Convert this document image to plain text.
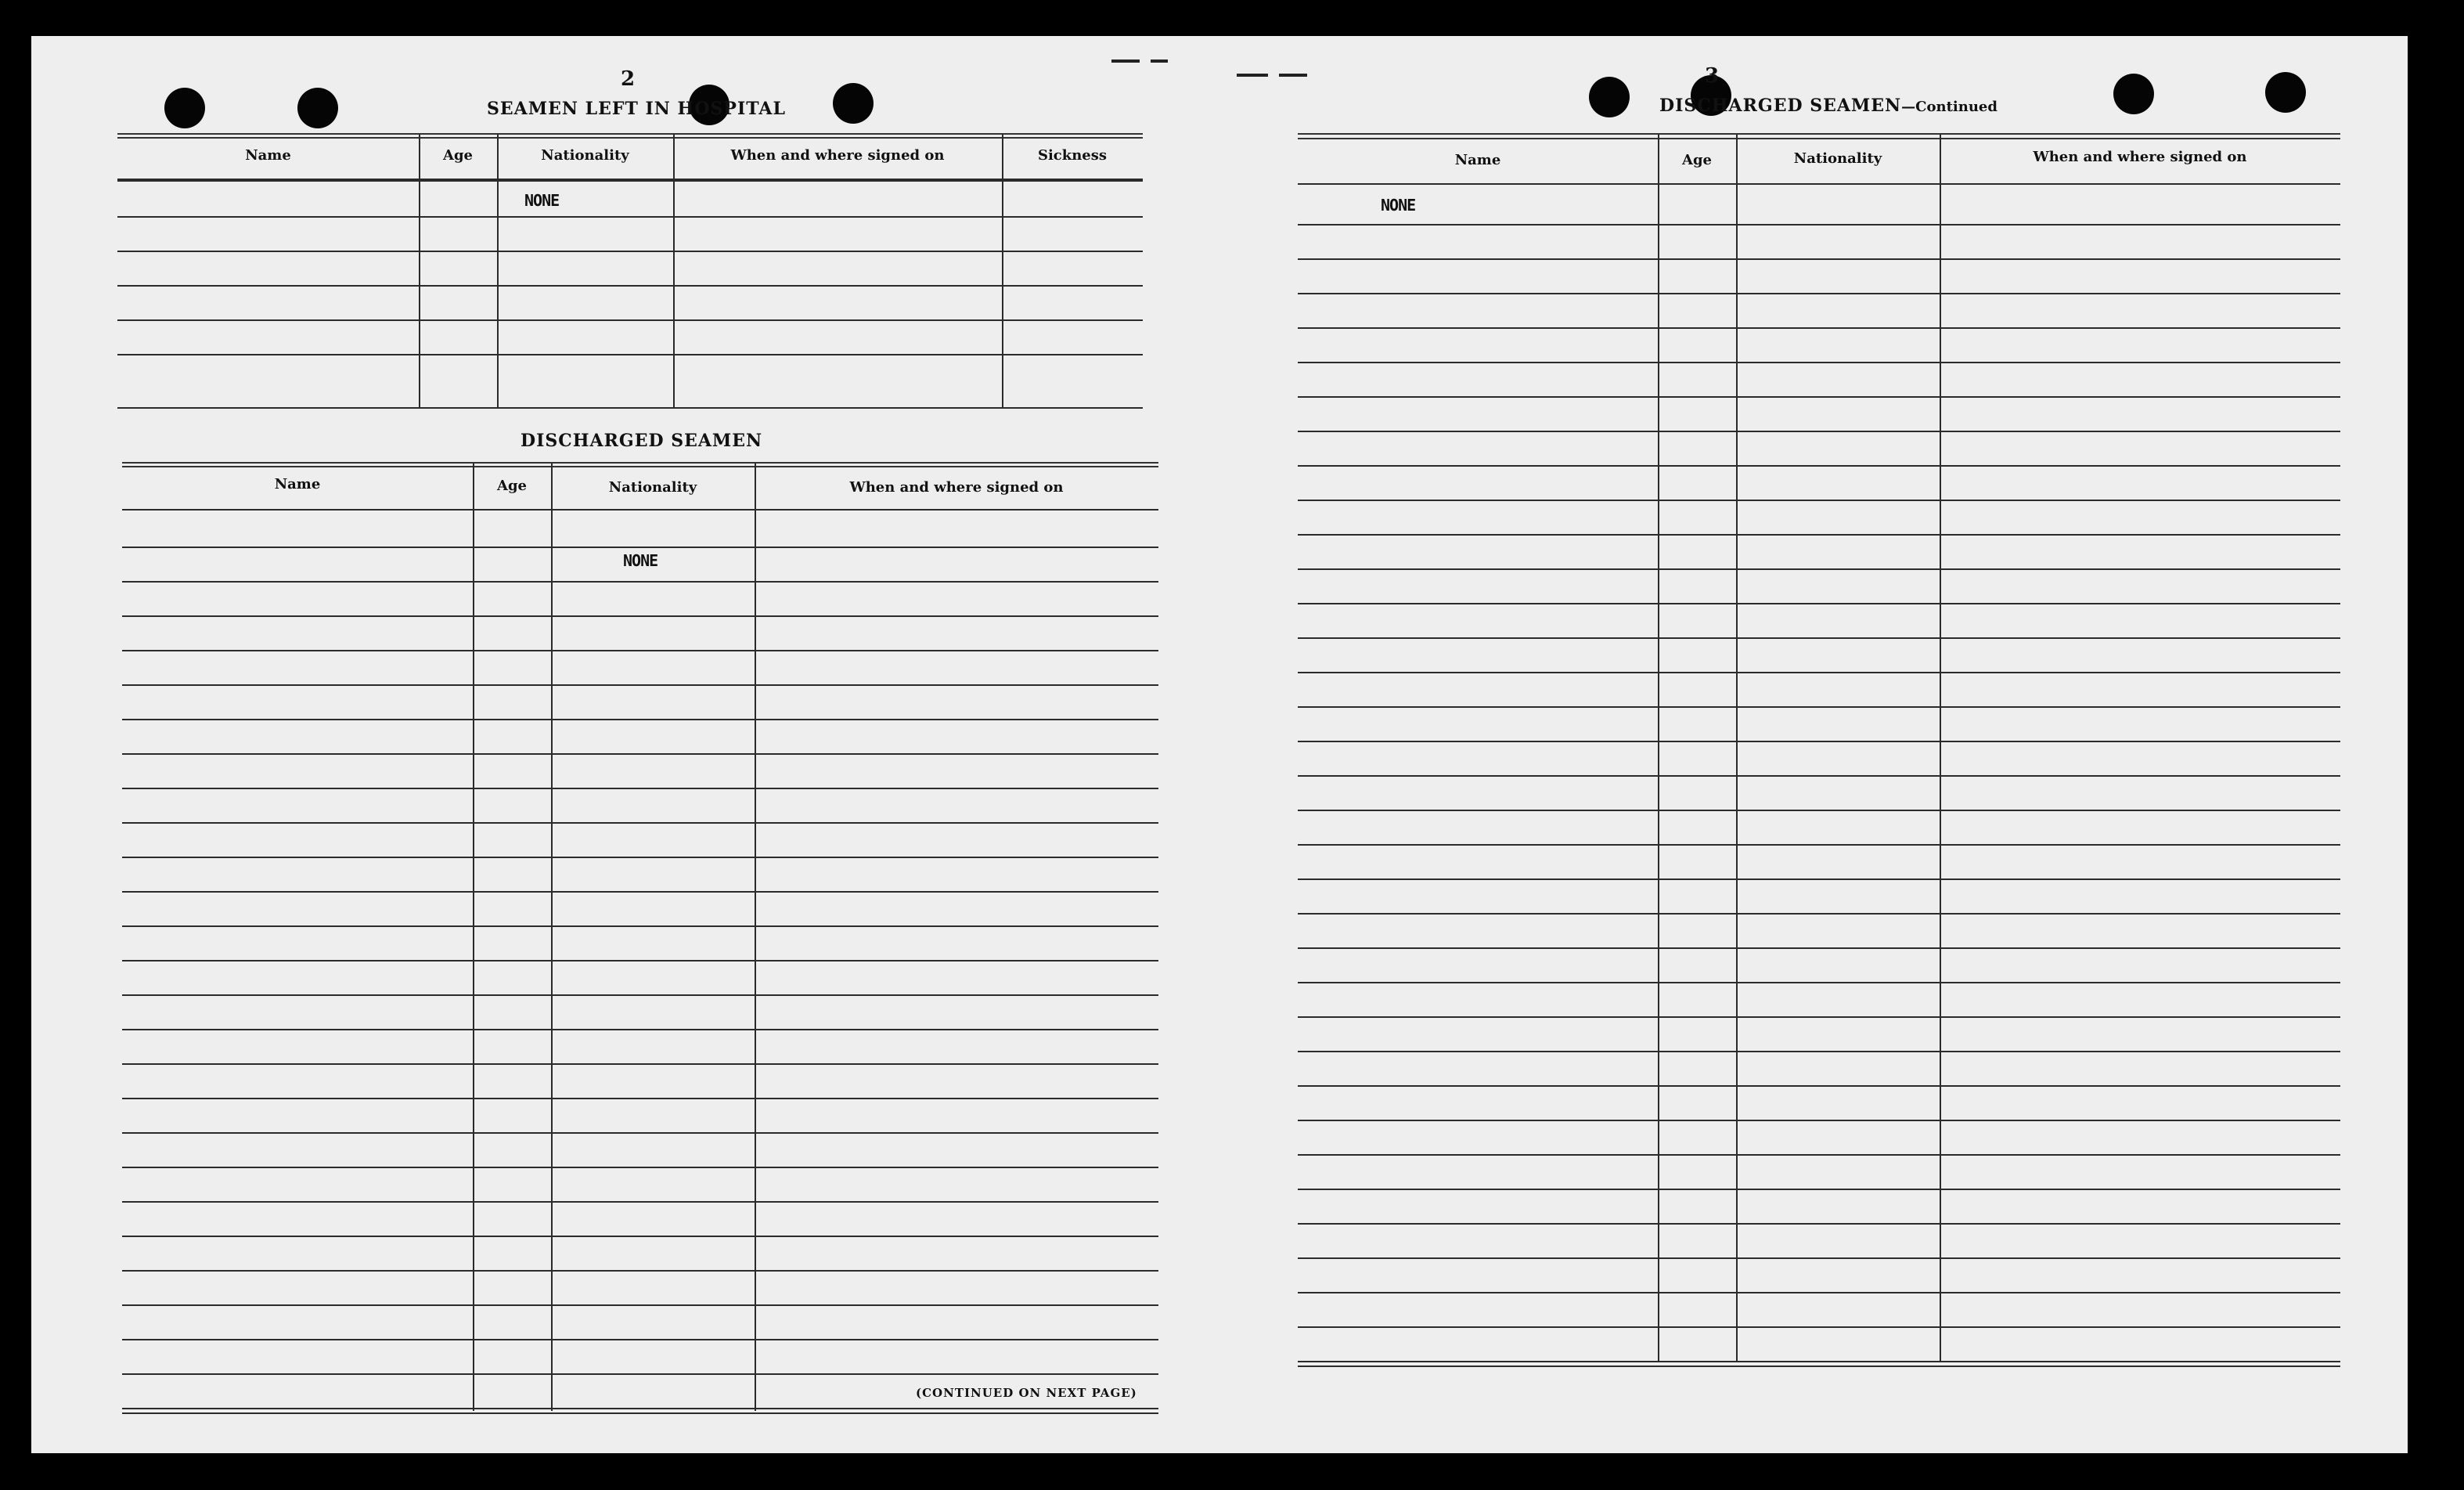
2
SEAMEN LEFT IN HOSPITAL
Name	Age	Nationality	When and where signed on	Sickness
NONE
DISCHARGED SEAMEN
Name	Age	Nationality	When and where signed on
NONE
(CONTINUED ON NEXT PAGE)
3
DISCHARGED SEAMEN—Continued
Name	Age	Nationality	When and where signed on
NONE
